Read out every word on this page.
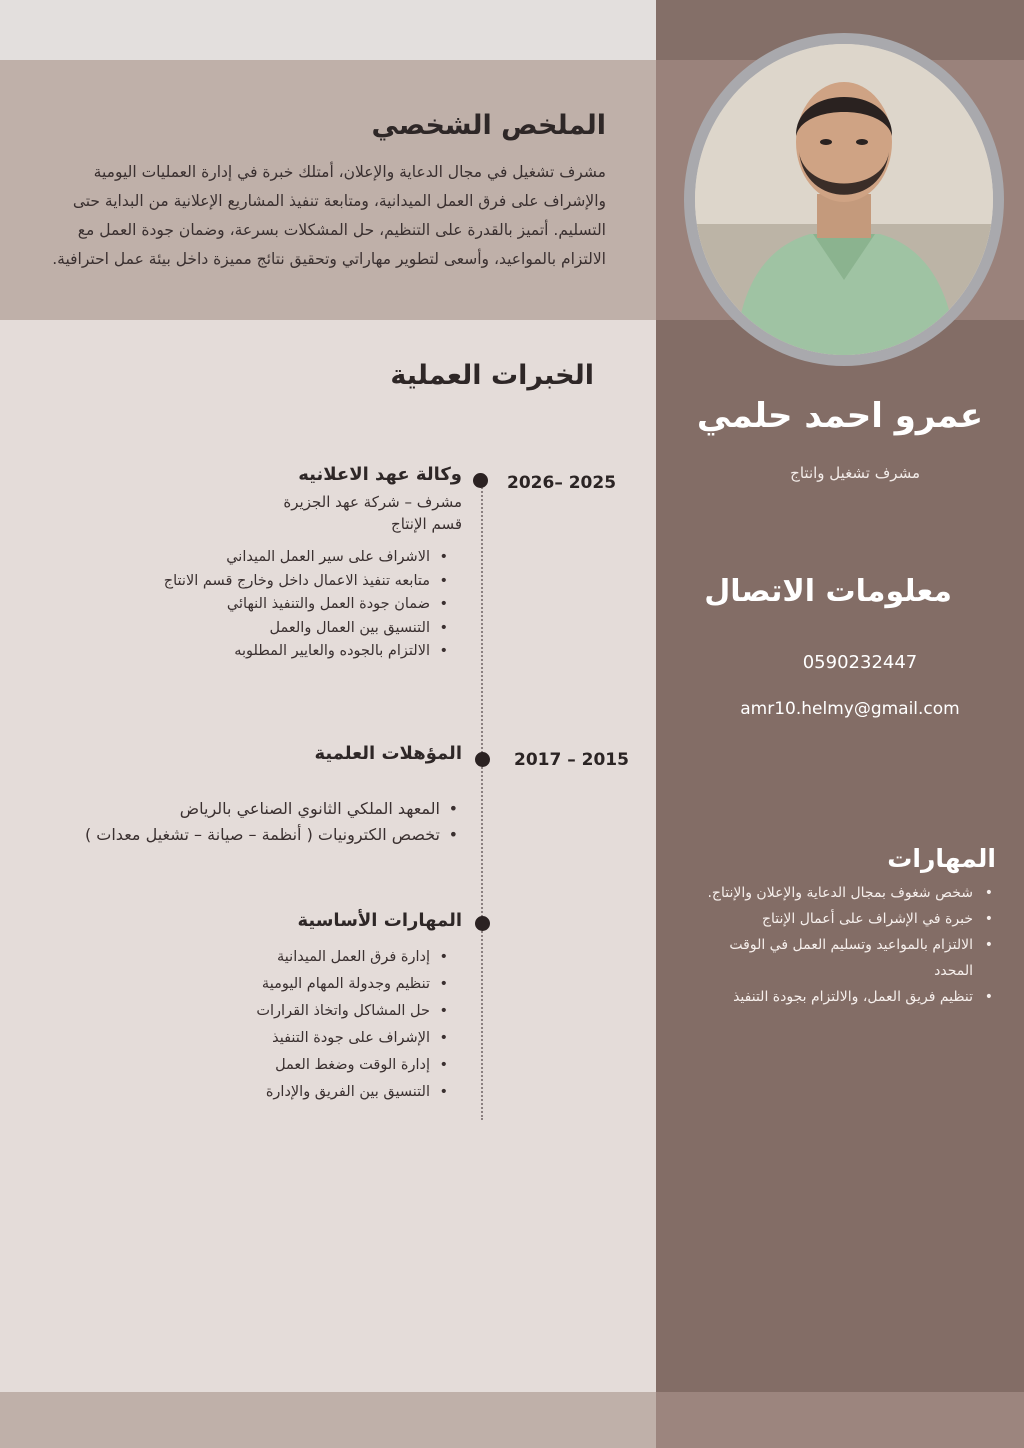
الملخص الشخصي
مشرف تشغيل في مجال الدعاية والإعلان، أمتلك خبرة في إدارة العمليات اليومية والإشراف على فرق العمل الميدانية، ومتابعة تنفيذ المشاريع الإعلانية من البداية حتى التسليم. أتميز بالقدرة على التنظيم، حل المشكلات بسرعة، وضمان جودة العمل مع الالتزام بالمواعيد، وأسعى لتطوير مهاراتي وتحقيق نتائج مميزة داخل بيئة عمل احترافية.
الخبرات العملية
2026– 2025
وكالة عهد الاعلانيه
مشرف – شركة عهد الجزيرة
قسم الإنتاج
• الاشراف على سير العمل الميداني
• متابعه تنفيذ الاعمال داخل وخارج قسم الانتاج
• ضمان جودة العمل والتنفيذ النهائي
• التنسيق بين العمال والعمل
• الالتزام بالجوده والعايير المطلوبه
2017 – 2015
المؤهلات العلمية
• المعهد الملكي الثانوي الصناعي بالرياض
• تخصص الكترونيات ( أنظمة – صيانة – تشغيل معدات )
المهارات الأساسية
• إدارة فرق العمل الميدانية
• تنظيم وجدولة المهام اليومية
• حل المشاكل واتخاذ القرارات
• الإشراف على جودة التنفيذ
• إدارة الوقت وضغط العمل
• التنسيق بين الفريق والإدارة
عمرو احمد حلمي
مشرف تشغيل وانتاج
معلومات الاتصال
0590232447
amr10.helmy@gmail.com
المهارات
• شخص شغوف بمجال الدعاية والإعلان والإنتاج.
• خبرة في الإشراف على أعمال الإنتاج
• الالتزام بالمواعيد وتسليم العمل في الوقت المحدد
• تنظيم فريق العمل، والالتزام بجودة التنفيذ
